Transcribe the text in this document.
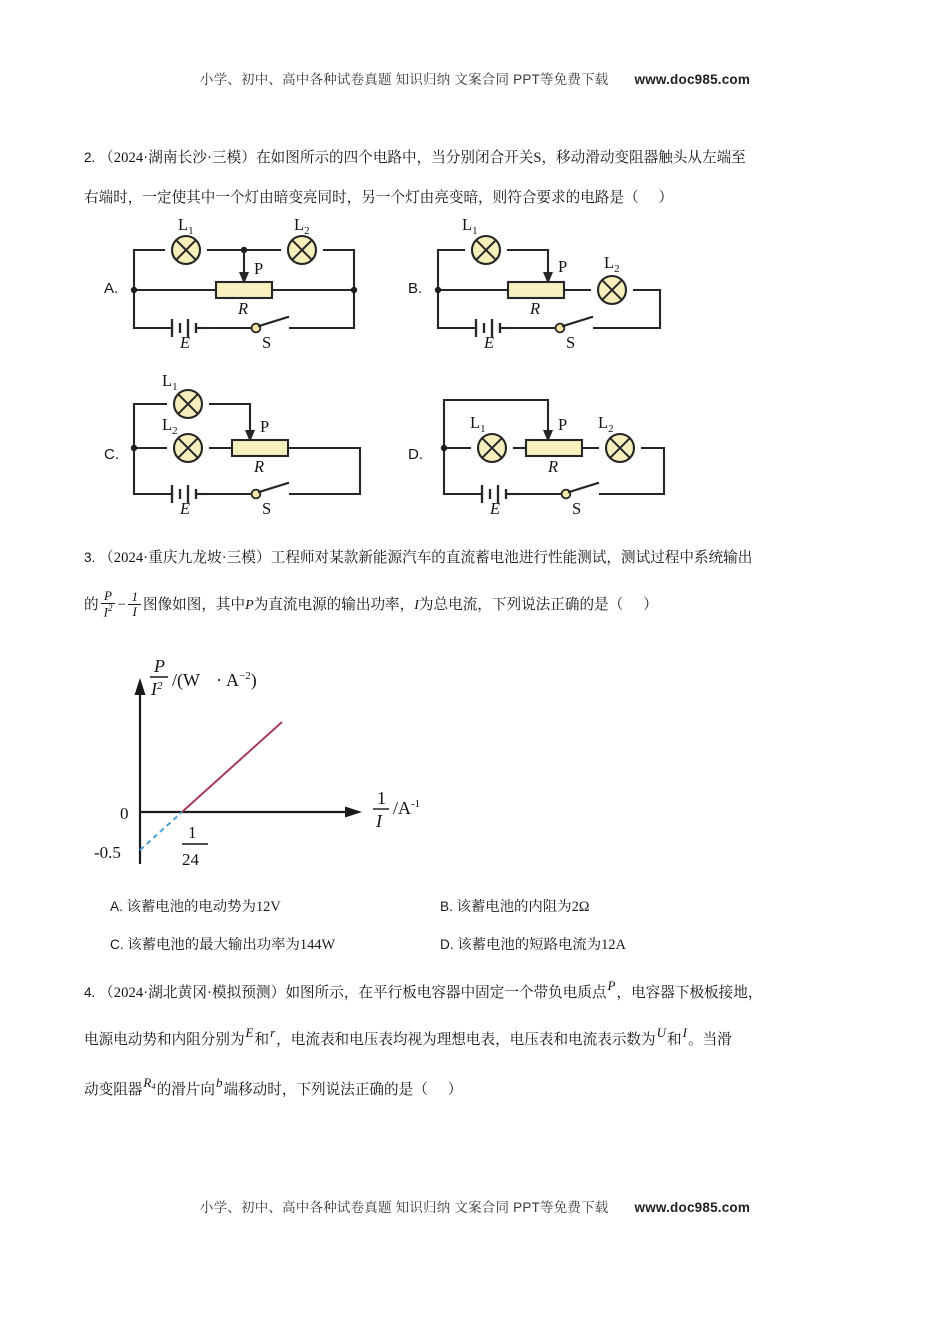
小学、初中、高中各种试卷真题 知识归纳 文案合同 PPT等免费下载 www.doc985.com
2. （2024·湖南长沙·三模）在如图所示的四个电路中，当分别闭合开关S，移动滑动变阻器触头从左端至
右端时，一定使其中一个灯由暗变亮同时，另一个灯由亮变暗，则符合要求的电路是（ ）
A.
$L_1$	$L_2$
P
R
E	S
B.
$L_1$
$L_2$
P
R
E	S
C.
$L_1$
$L_2$	P
R
E	S
D.
$L_1$	$L_2$
P
R
E	S
3. （2024·重庆九龙坡·三模）工程师对某款新能源汽车的直流蓄电池进行性能测试，测试过程中系统输出
的 $\frac{P}{I^2} - \frac{1}{I}$ 图像如图，其中P为直流电源的输出功率，I为总电流，下列说法正确的是（ ）
P
$I^2$ $/(W \cdot A^{-2})$
1
I
$/A^{-1}$
0
-0.5
1
24
A. 该蓄电池的电动势为12V	B. 该蓄电池的内阻为2Ω
C. 该蓄电池的最大输出功率为144W	D. 该蓄电池的短路电流为12A
4. （2024·湖北黄冈·模拟预测）如图所示，在平行板电容器中固定一个带负电质点P，电容器下极板接地，
电源电动势和内阻分别为E和r，电流表和电压表均视为理想电表，电压表和电流表示数为U和I。当滑
动变阻器$R_4$的滑片向b端移动时，下列说法正确的是（ ）
小学、初中、高中各种试卷真题 知识归纳 文案合同 PPT等免费下载 www.doc985.com
